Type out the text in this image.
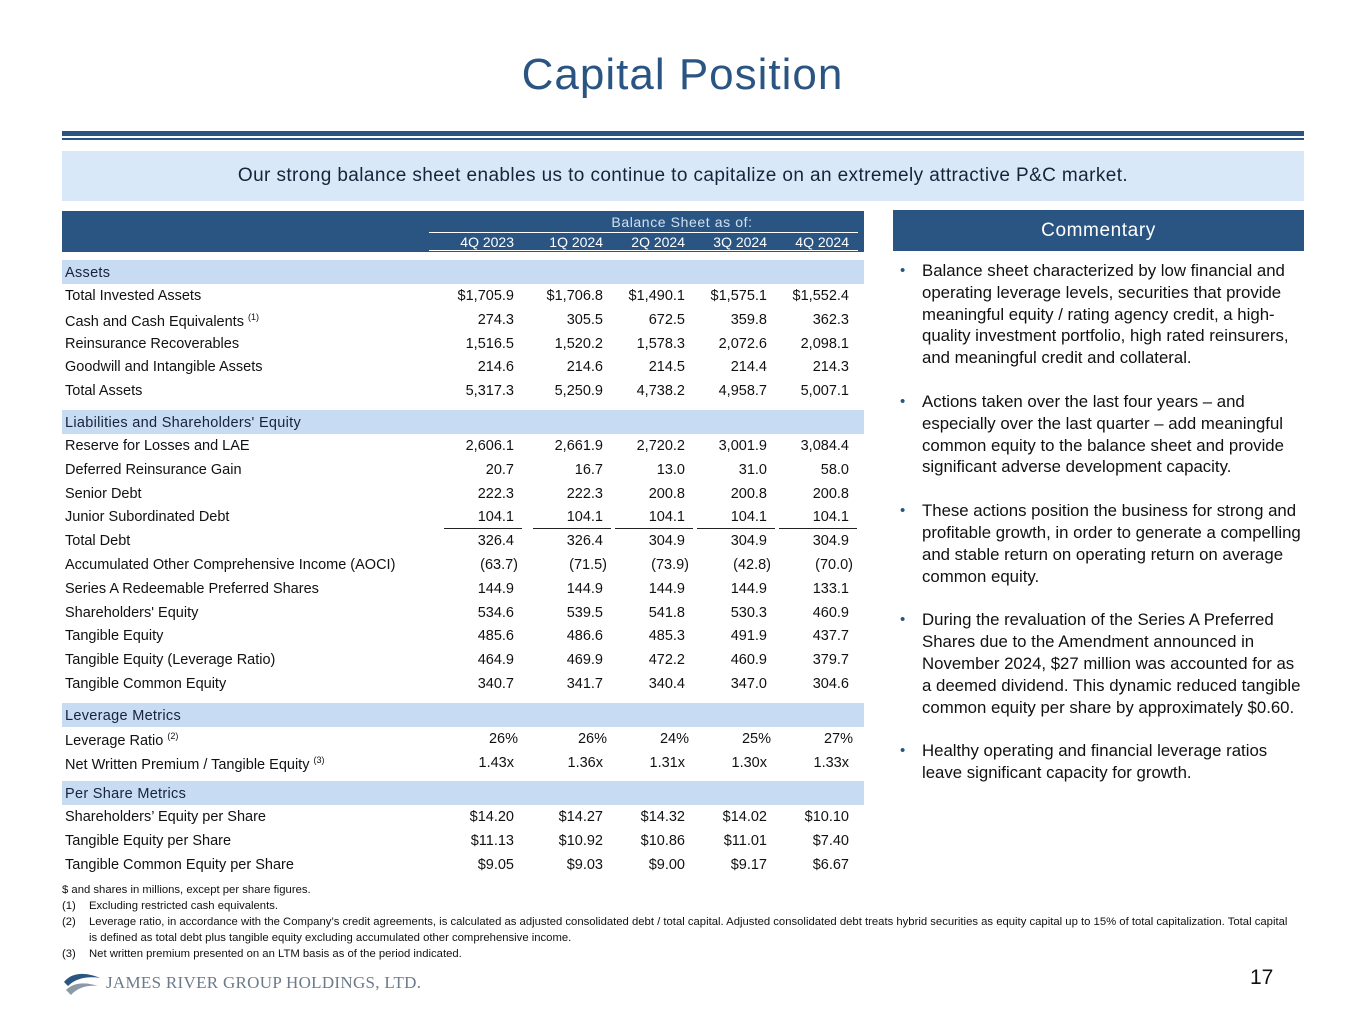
Capital Position
Our strong balance sheet enables us to continue to capitalize on an extremely attractive P&C market.
Balance Sheet as of:
4Q 2023	1Q 2024	2Q 2024	3Q 2024	4Q 2024
Assets
Total Invested Assets	$1,705.9	$1,706.8	$1,490.1	$1,575.1	$1,552.4
Cash and Cash Equivalents $^{(1)}$	274.3	305.5	672.5	359.8	362.3
Reinsurance Recoverables	1,516.5	1,520.2	1,578.3	2,072.6	2,098.1
Goodwill and Intangible Assets	214.6	214.6	214.5	214.4	214.3
Total Assets	5,317.3	5,250.9	4,738.2	4,958.7	5,007.1
Liabilities and Shareholders' Equity
Reserve for Losses and LAE	2,606.1	2,661.9	2,720.2	3,001.9	3,084.4
Deferred Reinsurance Gain	20.7	16.7	13.0	31.0	58.0
Senior Debt	222.3	222.3	200.8	200.8	200.8
Junior Subordinated Debt	104.1	104.1	104.1	104.1	104.1
Total Debt	326.4	326.4	304.9	304.9	304.9
Accumulated Other Comprehensive Income (AOCI)	(63.7)	(71.5)	(73.9)	(42.8)	(70.0)
Series A Redeemable Preferred Shares	144.9	144.9	144.9	144.9	133.1
Shareholders' Equity	534.6	539.5	541.8	530.3	460.9
Tangible Equity	485.6	486.6	485.3	491.9	437.7
Tangible Equity (Leverage Ratio)	464.9	469.9	472.2	460.9	379.7
Tangible Common Equity	340.7	341.7	340.4	347.0	304.6
Leverage Metrics
Leverage Ratio $^{(2)}$	26%	26%	24%	25%	27%
Net Written Premium / Tangible Equity $^{(3)}$	1.43x	1.36x	1.31x	1.30x	1.33x
Per Share Metrics
Shareholders’ Equity per Share	$14.20	$14.27	$14.32	$14.02	$10.10
Tangible Equity per Share	$11.13	$10.92	$10.86	$11.01	$7.40
Tangible Common Equity per Share	$9.05	$9.03	$9.00	$9.17	$6.67
Commentary
• Balance sheet characterized by low financial and operating leverage levels, securities that provide meaningful equity / rating agency credit, a high-quality investment portfolio, high rated reinsurers, and meaningful credit and collateral.
• Actions taken over the last four years – and especially over the last quarter – add meaningful common equity to the balance sheet and provide significant adverse development capacity.
• These actions position the business for strong and profitable growth, in order to generate a compelling and stable return on operating return on average common equity.
• During the revaluation of the Series A Preferred Shares due to the Amendment announced in November 2024, $27 million was accounted for as a deemed dividend. This dynamic reduced tangible common equity per share by approximately $0.60.
• Healthy operating and financial leverage ratios leave significant capacity for growth.
$ and shares in millions, except per share figures.
(1) Excluding restricted cash equivalents.
(2) Leverage ratio, in accordance with the Company’s credit agreements, is calculated as adjusted consolidated debt / total capital. Adjusted consolidated debt treats hybrid securities as equity capital up to 15% of total capitalization. Total capital is defined as total debt plus tangible equity excluding accumulated other comprehensive income.
(3) Net written premium presented on an LTM basis as of the period indicated.
JAMES RIVER GROUP HOLDINGS, LTD.	17
